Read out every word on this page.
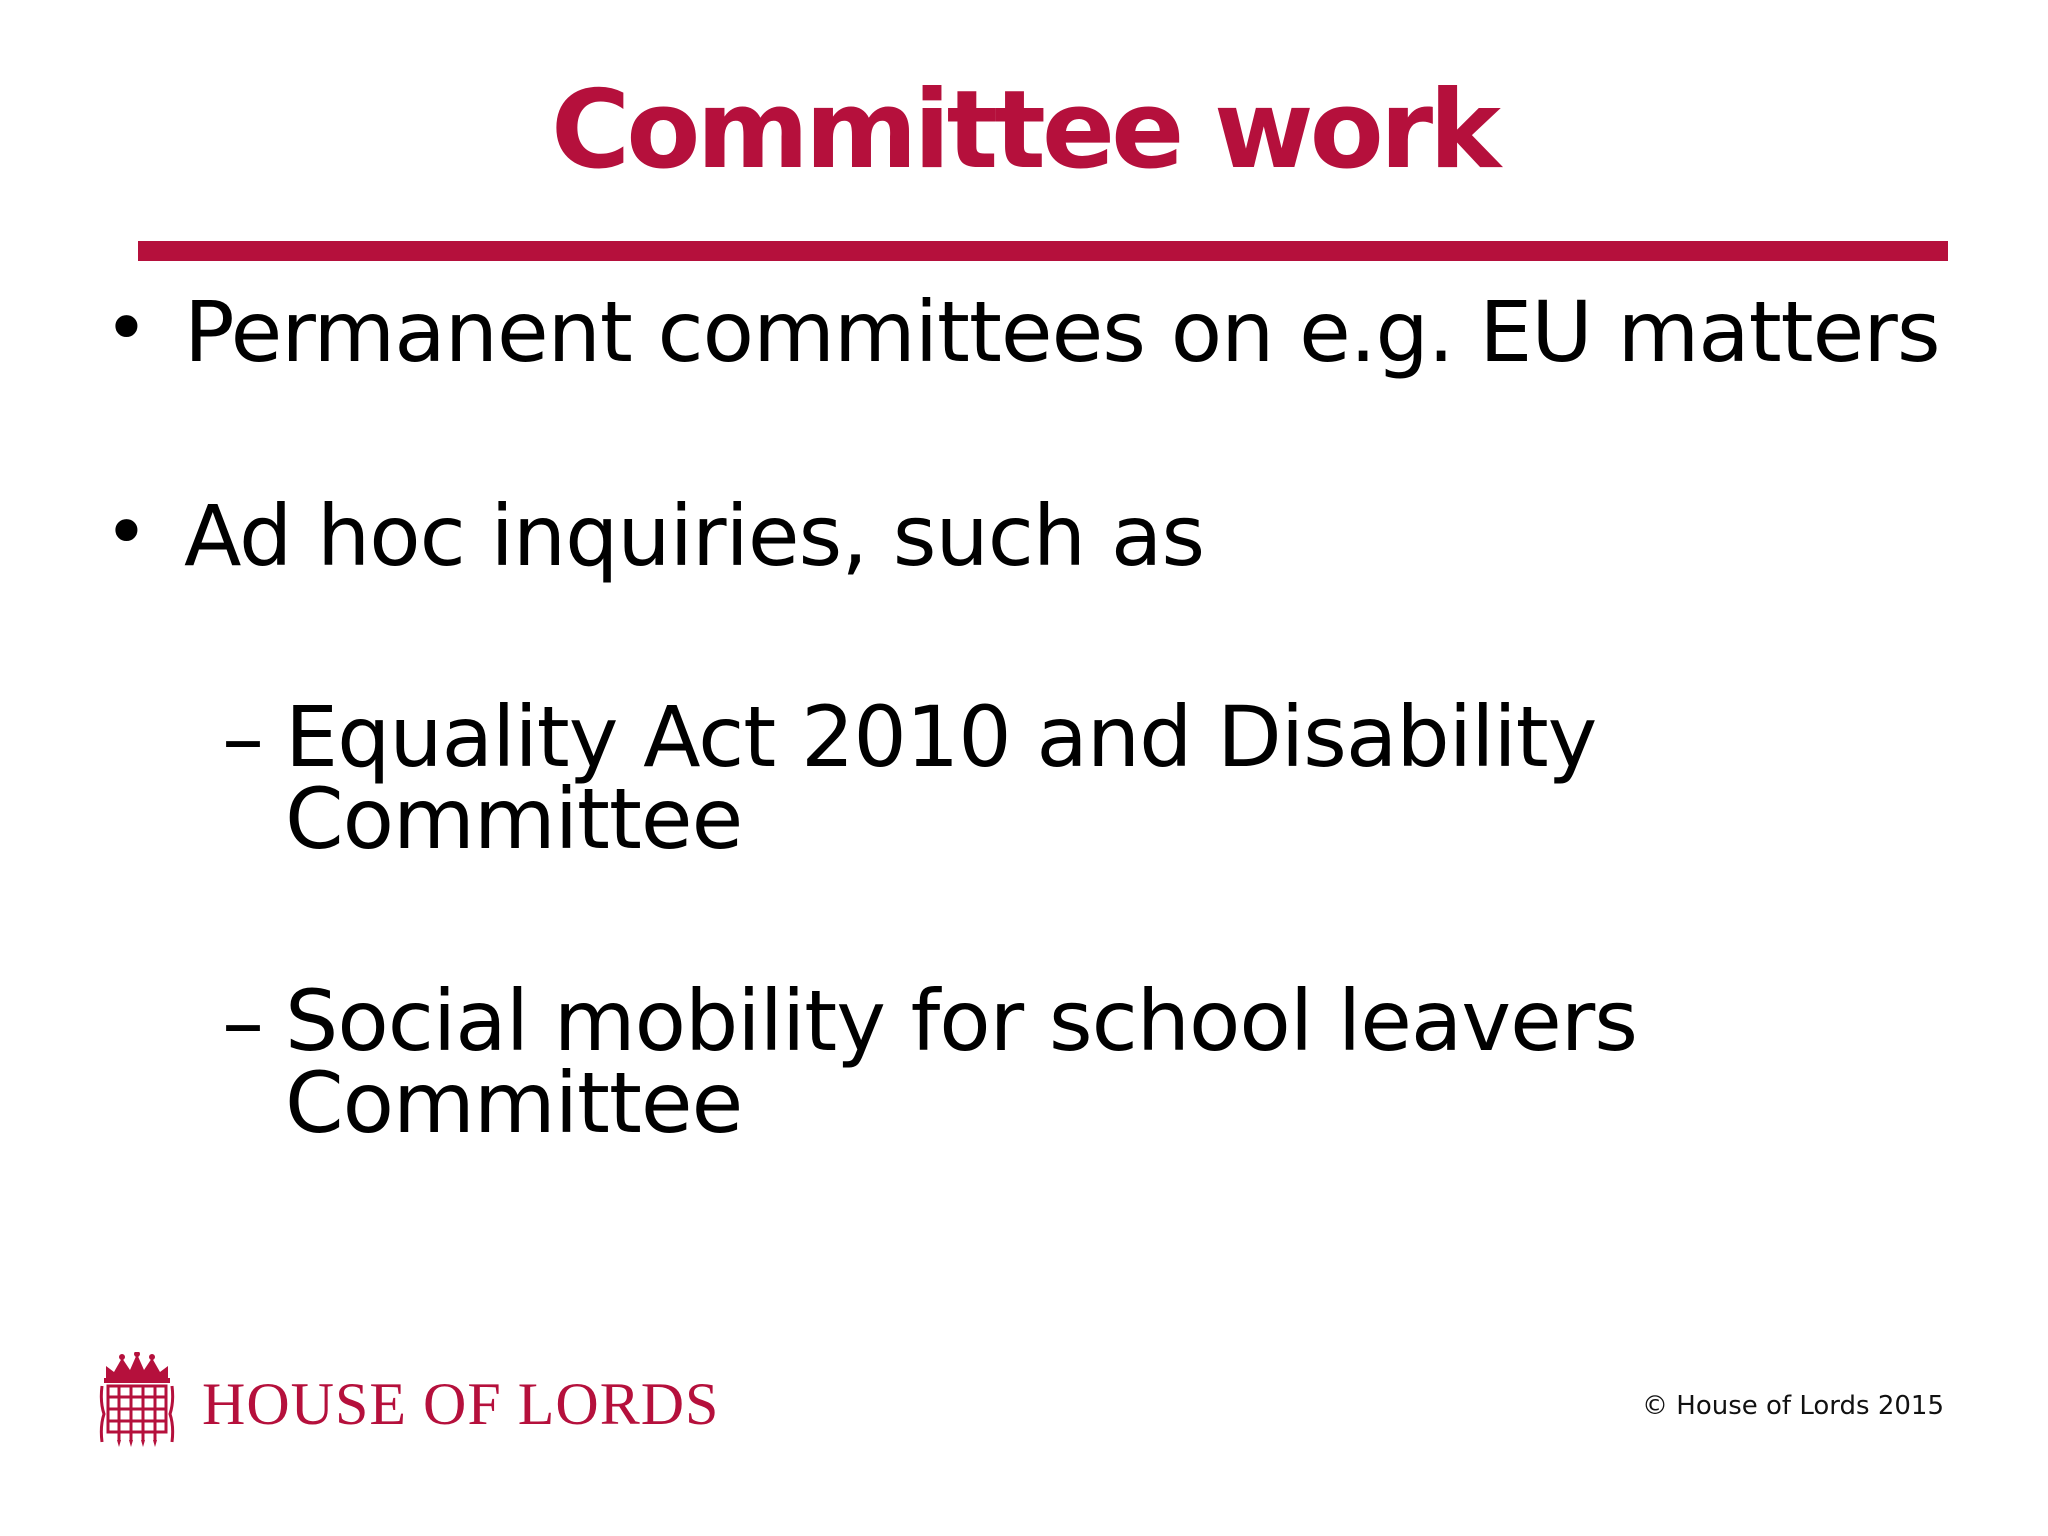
Committee work
• Permanent committees on e.g. EU matters
• Ad hoc inquiries, such as
– Equality Act 2010 and Disability
Committee
– Social mobility for school leavers
Committee
HOUSE OF LORDS	© House of Lords 2015
